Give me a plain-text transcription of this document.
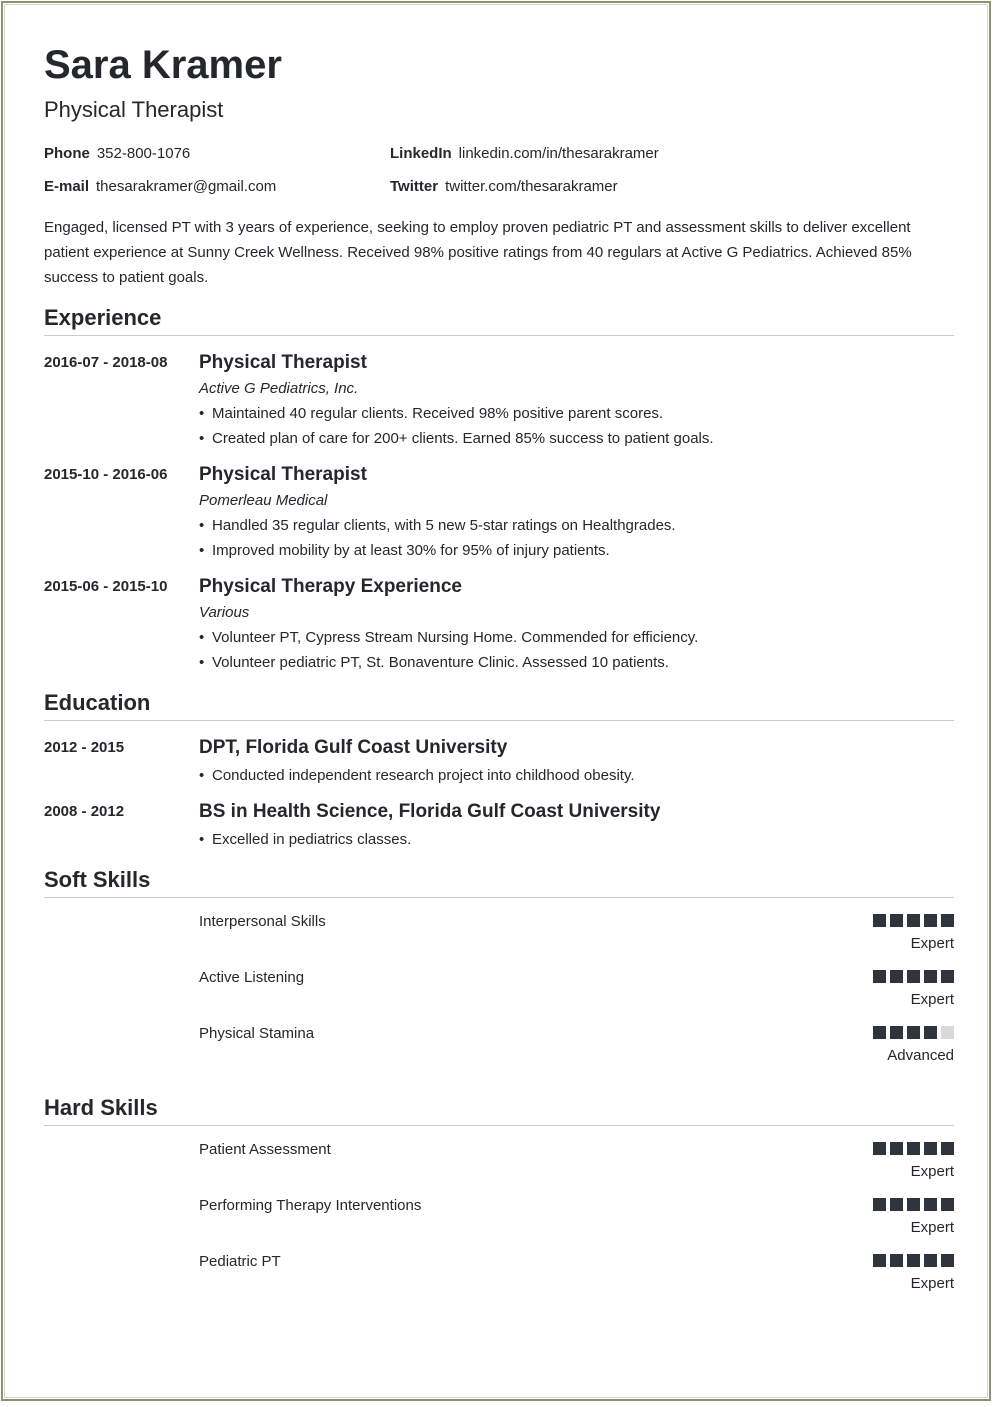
Sara Kramer
Physical Therapist
Phone 352-800-1076	LinkedIn linkedin.com/in/thesarakramer
E-mail thesarakramer@gmail.com	Twitter twitter.com/thesarakramer
Engaged, licensed PT with 3 years of experience, seeking to employ proven pediatric PT and assessment skills to deliver excellent patient experience at Sunny Creek Wellness. Received 98% positive ratings from 40 regulars at Active G Pediatrics. Achieved 85% success to patient goals.
Experience
2016-07 - 2018-08	Physical Therapist
Active G Pediatrics, Inc.
• Maintained 40 regular clients. Received 98% positive parent scores.
• Created plan of care for 200+ clients. Earned 85% success to patient goals.
2015-10 - 2016-06	Physical Therapist
Pomerleau Medical
• Handled 35 regular clients, with 5 new 5-star ratings on Healthgrades.
• Improved mobility by at least 30% for 95% of injury patients.
2015-06 - 2015-10	Physical Therapy Experience
Various
• Volunteer PT, Cypress Stream Nursing Home. Commended for efficiency.
• Volunteer pediatric PT, St. Bonaventure Clinic. Assessed 10 patients.
Education
2012 - 2015	DPT, Florida Gulf Coast University
• Conducted independent research project into childhood obesity.
2008 - 2012	BS in Health Science, Florida Gulf Coast University
• Excelled in pediatrics classes.
Soft Skills
Interpersonal Skills
Expert
Active Listening
Expert
Physical Stamina
Advanced
Hard Skills
Patient Assessment
Expert
Performing Therapy Interventions
Expert
Pediatric PT
Expert
